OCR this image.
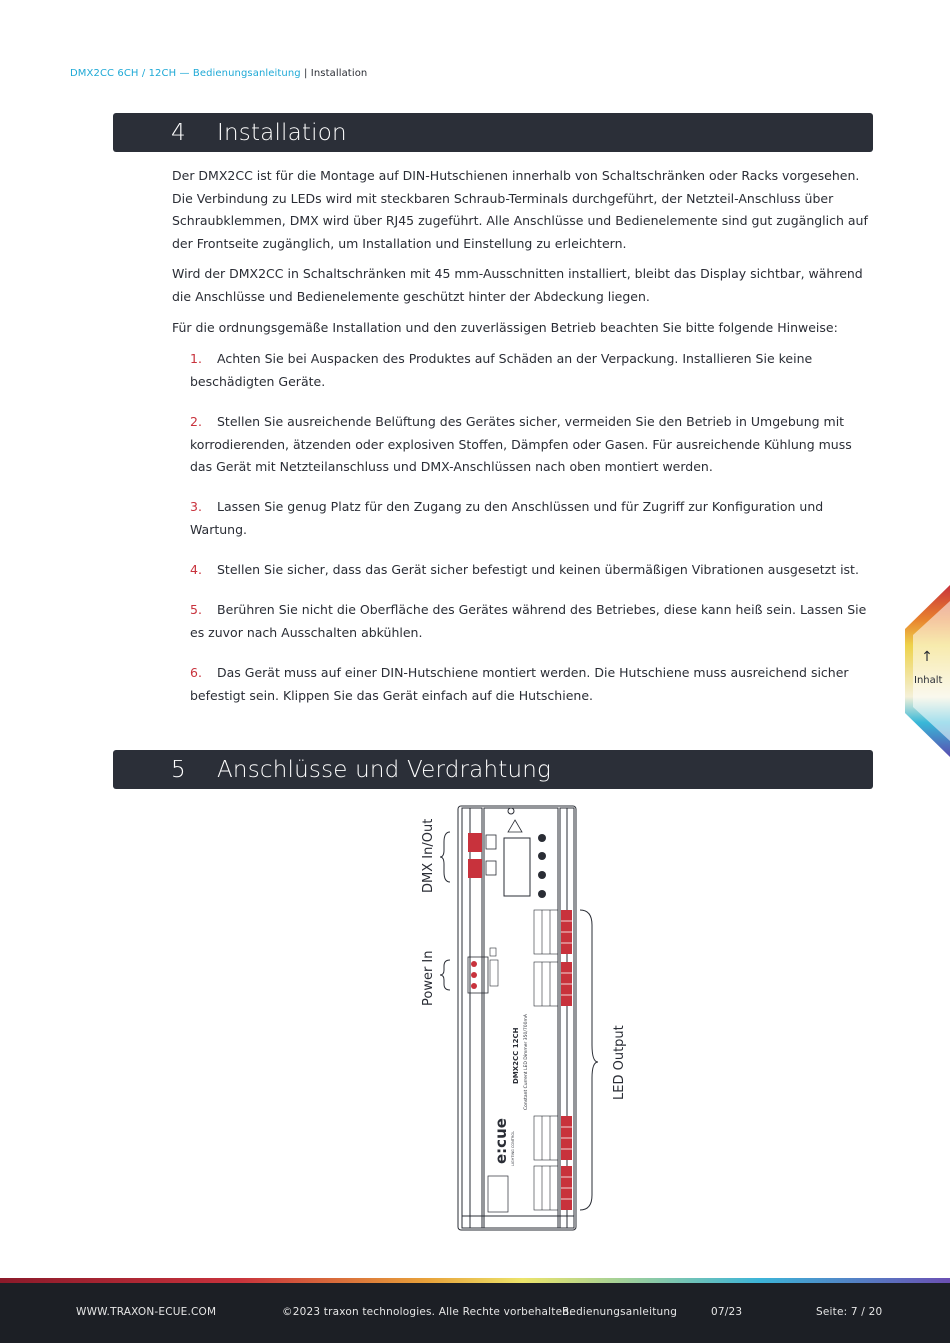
DMX2CC 6CH / 12CH — Bedienungsanleitung | Installation
4 Installation

Der DMX2CC ist für die Montage auf DIN-Hutschienen innerhalb von Schaltschränken oder Racks vorgesehen. Die Verbindung zu LEDs wird mit steckbaren Schraub-Terminals durchgeführt, der Netzteil-Anschluss über Schraubklemmen, DMX wird über RJ45 zugeführt. Alle Anschlüsse und Bedienelemente sind gut zugänglich auf der Frontseite zugänglich, um Installation und Einstellung zu erleichtern.

Wird der DMX2CC in Schaltschränken mit 45 mm-Ausschnitten installiert, bleibt das Display sichtbar, während die Anschlüsse und Bedienelemente geschützt hinter der Abdeckung liegen.

Für die ordnungsgemäße Installation und den zuverlässigen Betrieb beachten Sie bitte folgende Hinweise:

1. Achten Sie bei Auspacken des Produktes auf Schäden an der Verpackung. Installieren Sie keine beschädigten Geräte.

2. Stellen Sie ausreichende Belüftung des Gerätes sicher, vermeiden Sie den Betrieb in Umgebung mit korrodierenden, ätzenden oder explosiven Stoffen, Dämpfen oder Gasen. Für ausreichende Kühlung muss das Gerät mit Netzteilanschluss und DMX-Anschlüssen nach oben montiert werden.

3. Lassen Sie genug Platz für den Zugang zu den Anschlüssen und für Zugriff zur Konfiguration und Wartung.

4. Stellen Sie sicher, dass das Gerät sicher befestigt und keinen übermäßigen Vibrationen ausgesetzt ist.

5. Berühren Sie nicht die Oberfläche des Gerätes während des Betriebes, diese kann heiß sein. Lassen Sie es zuvor nach Ausschalten abkühlen.

6. Das Gerät muss auf einer DIN-Hutschiene montiert werden. Die Hutschiene muss ausreichend sicher befestigt sein. Klippen Sie das Gerät einfach auf die Hutschiene.

5 Anschlüsse und Verdrahtung
↑
Inhalt
DMX In/Out
Power In
LED Output
DMX2CC 12CH Constant Current LED Dimmer 350/700mA
e:cue LIGHTING CONTROL
WWW.TRAXON-ECUE.COM	©2023 traxon technologies. Alle Rechte vorbehalten.
Bedienungsanleitung	07/23	Seite: 7 / 20
